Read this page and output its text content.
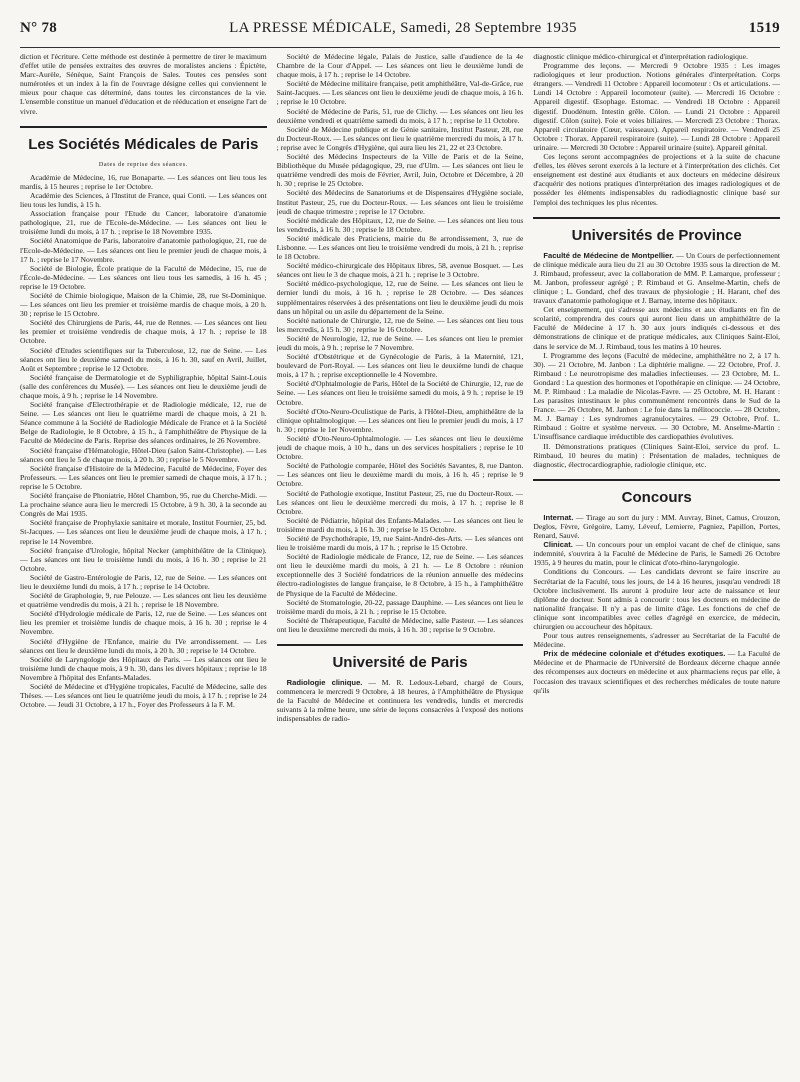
N° 78	LA PRESSE MÉDICALE, Samedi, 28 Septembre 1935	1519

diction et l'écriture. Cette méthode est destinée à permettre de tirer le maximum d'effet utile de pensées extraites des œuvres de moralistes anciens : Épictète, Marc-Aurèle, Sénèque, Saint François de Sales. Toutes ces pensées sont numérotées et un index à la fin de l'ouvrage désigne celles qui conviennent le mieux pour chaque cas déterminé, dans toutes les circonstances de la vie. L'ensemble constitue un manuel d'éducation et de rééducation et enseigne l'art de vivre.

Les Sociétés Médicales de Paris
Dates de reprise des séances.

Académie de Médecine, 16, rue Bonaparte. — Les séances ont lieu tous les mardis, à 15 heures ; reprise le 1er Octobre.

Académie des Sciences, à l'Institut de France, quai Conti. — Les séances ont lieu tous les lundis, à 15 h.

Association française pour l'Etude du Cancer, laboratoire d'anatomie pathologique, 21, rue de l'Ecole-de-Médecine. — Les séances ont lieu le troisième lundi du mois, à 17 h. ; reprise le 18 Novembre 1935.

Société Anatomique de Paris, laboratoire d'anatomie pathologique, 21, rue de l'Ecole-de-Médecine. — Les séances ont lieu le premier jeudi de chaque mois, à 17 h. ; reprise le 17 Novembre.

Société de Biologie, École pratique de la Faculté de Médecine, 15, rue de l'École-de-Médecine. — Les séances ont lieu tous les samedis, à 16 h. 45 ; reprise le 19 Octobre.

Société de Chimie biologique, Maison de la Chimie, 28, rue St-Dominique. — Les séances ont lieu les premier et troisième mardis de chaque mois, à 20 h. 30 ; reprise le 15 Octobre.

Société des Chirurgiens de Paris, 44, rue de Rennes. — Les séances ont lieu les premier et troisième vendredis de chaque mois, à 17 h. ; reprise le 18 Octobre.

Société d'Etudes scientifiques sur la Tuberculose, 12, rue de Seine. — Les séances ont lieu le deuxième samedi du mois, à 16 h. 30, sauf en Avril, Juillet, Août et Septembre ; reprise le 12 Octobre.

Société française de Dermatologie et de Syphiligraphie, hôpital Saint-Louis (salle des conférences du Musée). — Les séances ont lieu le deuxième jeudi de chaque mois, à 9 h. ; reprise le 14 Novembre.

Société française d'Electrothérapie et de Radiologie médicale, 12, rue de Seine. — Les séances ont lieu le quatrième mardi de chaque mois, à 21 h. Séance commune à la Société de Radiologie Médicale de France et à la Société Belge de Radiologie, le 8 Octobre, à 15 h., à l'amphithéâtre de Physique de la Faculté de Médecine de Paris. Reprise des séances ordinaires, le 26 Novembre.

Société française d'Hématologie, Hôtel-Dieu (salon Saint-Christophe). — Les séances ont lieu le 5 de chaque mois, à 20 h. 30 ; reprise le 5 Novembre.

Société française d'Histoire de la Médecine, Faculté de Médecine, Foyer des Professeurs. — Les séances ont lieu le premier samedi de chaque mois, à 17 h. ; reprise le 5 Octobre.

Société française de Phoniatrie, Hôtel Chambon, 95, rue du Cherche-Midi. — La prochaine séance aura lieu le mercredi 15 Octobre, à 9 h. 30, à la seconde au Congrès de Mai 1935.

Société française de Prophylaxie sanitaire et morale, Institut Fournier, 25, bd. St-Jacques. — Les séances ont lieu le deuxième jeudi de chaque mois, à 17 h. ; reprise le 14 Novembre.

Société française d'Urologie, hôpital Necker (amphithéâtre de la Clinique). — Les séances ont lieu le troisième lundi du mois, à 16 h. 30 ; reprise le 21 Octobre.

Société de Gastro-Entérologie de Paris, 12, rue de Seine. — Les séances ont lieu le deuxième lundi du mois, à 17 h. ; reprise le 14 Octobre.

Société de Graphologie, 9, rue Pelouze. — Les séances ont lieu les deuxième et quatrième vendredis du mois, à 21 h. ; reprise le 18 Novembre.

Société d'Hydrologie médicale de Paris, 12, rue de Seine. — Les séances ont lieu les premier et troisième lundis de chaque mois, à 16 h. 30 ; reprise le 4 Novembre.

Société d'Hygiène de l'Enfance, mairie du IVe arrondissement. — Les séances ont lieu le deuxième lundi du mois, à 20 h. 30 ; reprise le 14 Octobre.

Société de Laryngologie des Hôpitaux de Paris. — Les séances ont lieu le troisième lundi de chaque mois, à 9 h. 30, dans les divers hôpitaux ; reprise le 18 Novembre à l'hôpital des Enfants-Malades.

Société de Médecine et d'Hygiène tropicales, Faculté de Médecine, salle des Thèses. — Les séances ont lieu le quatrième jeudi du mois, à 17 h. ; reprise le 24 Octobre. — Jeudi 31 Octobre, à 17 h., Foyer des Professeurs à la F. M.

Société de Médecine légale, Palais de Justice, salle d'audience de la 4e Chambre de la Cour d'Appel. — Les séances ont lieu le deuxième lundi de chaque mois, à 17 h. ; reprise le 14 Octobre.

Société de Médecine militaire française, petit amphithéâtre, Val-de-Grâce, rue Saint-Jacques. — Les séances ont lieu le deuxième jeudi de chaque mois, à 16 h. ; reprise le 10 Octobre.

Société de Médecine de Paris, 51, rue de Clichy. — Les séances ont lieu les deuxième vendredi et quatrième samedi du mois, à 17 h. ; reprise le 11 Octobre.

Société de Médecine publique et de Génie sanitaire, Institut Pasteur, 28, rue du Docteur-Roux. — Les séances ont lieu le quatrième mercredi du mois, à 17 h. ; reprise avec le Congrès d'Hygiène, qui aura lieu les 21, 22 et 23 Octobre.

Société des Médecins Inspecteurs de la Ville de Paris et de la Seine, Bibliothèque du Musée pédagogique, 29, rue d'Ulm. — Les séances ont lieu le quatrième vendredi des mois de Février, Avril, Juin, Octobre et Décembre, à 20 h. 30 ; reprise le 25 Octobre.

Société des Médecins de Sanatoriums et de Dispensaires d'Hygiène sociale, Institut Pasteur, 25, rue du Docteur-Roux. — Les séances ont lieu le troisième jeudi de chaque trimestre ; reprise le 17 Octobre.

Société médicale des Hôpitaux, 12, rue de Seine. — Les séances ont lieu tous les vendredis, à 16 h. 30 ; reprise le 18 Octobre.

Société médicale des Praticiens, mairie du 8e arrondissement, 3, rue de Lisbonne. — Les séances ont lieu le troisième vendredi du mois, à 21 h. ; reprise le 18 Octobre.

Société médico-chirurgicale des Hôpitaux libres, 58, avenue Bosquet. — Les séances ont lieu le 3 de chaque mois, à 21 h. ; reprise le 3 Octobre.

Société médico-psychologique, 12, rue de Seine. — Les séances ont lieu le dernier lundi du mois, à 16 h. ; reprise le 28 Octobre. — Des séances supplémentaires réservées à des présentations ont lieu le deuxième jeudi du mois dans un hôpital ou un asile du département de la Seine.

Société nationale de Chirurgie, 12, rue de Seine. — Les séances ont lieu tous les mercredis, à 15 h. 30 ; reprise le 16 Octobre.

Société de Neurologie, 12, rue de Seine. — Les séances ont lieu le premier jeudi du mois, à 9 h. ; reprise le 7 Novembre.

Société d'Obstétrique et de Gynécologie de Paris, à la Maternité, 121, boulevard de Port-Royal. — Les séances ont lieu le deuxième lundi de chaque mois, à 17 h. ; reprise exceptionnelle le 4 Novembre.

Société d'Ophtalmologie de Paris, Hôtel de la Société de Chirurgie, 12, rue de Seine. — Les séances ont lieu le troisième samedi du mois, à 9 h. ; reprise le 19 Octobre.

Société d'Oto-Neuro-Oculistique de Paris, à l'Hôtel-Dieu, amphithéâtre de la clinique ophtalmologique. — Les séances ont lieu le premier jeudi du mois, à 17 h. 30 ; reprise le 1er Novembre.

Société d'Oto-Neuro-Ophtalmologie. — Les séances ont lieu le deuxième jeudi de chaque mois, à 10 h., dans un des services hospitaliers ; reprise le 10 Octobre.

Société de Pathologie comparée, Hôtel des Sociétés Savantes, 8, rue Danton. — Les séances ont lieu le deuxième mardi du mois, à 16 h. 45 ; reprise le 9 Octobre.

Société de Pathologie exotique, Institut Pasteur, 25, rue du Docteur-Roux. — Les séances ont lieu le deuxième mercredi du mois, à 17 h. ; reprise le 8 Octobre.

Société de Pédiatrie, hôpital des Enfants-Malades. — Les séances ont lieu le troisième mardi du mois, à 16 h. 30 ; reprise le 15 Octobre.

Société de Psychothérapie, 19, rue Saint-André-des-Arts. — Les séances ont lieu le troisième mardi du mois, à 17 h. ; reprise le 15 Octobre.

Société de Radiologie médicale de France, 12, rue de Seine. — Les séances ont lieu le deuxième mardi du mois, à 21 h. — Le 8 Octobre : réunion exceptionnelle des 3 Société fondatrices de la réunion annuelle des médecins électro-radiologistes de langue française, le 8 Octobre, à 15 h., à l'amphithéâtre de Physique de la Faculté de Médecine.

Société de Stomatologie, 20-22, passage Dauphine. — Les séances ont lieu le troisième mardi du mois, à 21 h. ; reprise le 15 Octobre.

Société de Thérapeutique, Faculté de Médecine, salle Pasteur. — Les séances ont lieu le deuxième mercredi du mois, à 16 h. 30 ; reprise le 9 Octobre.

Université de Paris

Radiologie clinique. — M. R. Ledoux-Lebard, chargé de Cours, commencera le mercredi 9 Octobre, à 18 heures, à l'Amphithéâtre de Physique de la Faculté de Médecine et continuera les vendredis, lundis et mercredis suivants à la même heure, une série de leçons consacrées à l'exposé des notions indispensables de radio-

diagnostic clinique médico-chirurgical et d'interprétation radiologique.

Programme des leçons. — Mercredi 9 Octobre 1935 : Les images radiologiques et leur production. Notions générales d'interprétation. Corps étrangers. — Vendredi 11 Octobre : Appareil locomoteur : Os et articulations. — Lundi 14 Octobre : Appareil locomoteur (suite). — Mercredi 16 Octobre : Appareil digestif. Œsophage. Estomac. — Vendredi 18 Octobre : Appareil digestif. Duodénum. Intestin grêle. Côlon. — Lundi 21 Octobre : Appareil digestif. Côlon (suite). Foie et voies biliaires. — Mercredi 23 Octobre : Thorax. Appareil circulatoire (Cœur, vaisseaux). Appareil respiratoire. — Vendredi 25 Octobre : Thorax. Appareil respiratoire (suite). — Lundi 28 Octobre : Appareil urinaire. — Mercredi 30 Octobre : Appareil urinaire (suite). Appareil génital.

Ces leçons seront accompagnées de projections et à la suite de chacune d'elles, les élèves seront exercés à la lecture et à l'interprétation des clichés. Cet enseignement est destiné aux étudiants et aux docteurs en médecine désireux d'acquérir des notions pratiques d'interprétation des images radiologiques et de posséder les éléments indispensables du radiodiagnostic clinique basé sur l'emploi des techniques les plus récentes.

Universités de Province

Faculté de Médecine de Montpellier. — Un Cours de perfectionnement de clinique médicale aura lieu du 21 au 30 Octobre 1935 sous la direction de M. J. Rimbaud, professeur, avec la collaboration de MM. P. Lamarque, professeur ; M. Janbon, professeur agrégé ; P. Rimbaud et G. Anselme-Martin, chefs de clinique ; L. Gondard, chef des travaux de physiologie ; H. Harant, chef des travaux d'anatomie pathologique et J. Barnay, interne des hôpitaux.

Cet enseignement, qui s'adresse aux médecins et aux étudiants en fin de scolarité, comprendra des cours qui auront lieu dans un amphithéâtre de la Faculté de Médecine à 17 h. 30 aux jours indiqués ci-dessous et des démonstrations de clinique et de pratique médicales, aux Cliniques Saint-Eloi, dans le service de M. J. Rimbaud, tous les matins à 10 heures.

I. Programme des leçons (Faculté de médecine, amphithéâtre no 2, à 17 h. 30). — 21 Octobre, M. Janbon : La diphtérie maligne. — 22 Octobre, Prof. J. Rimbaud : Le neurotropisme des maladies infectieuses. — 23 Octobre, M. L. Gondard : La question des hormones et l'opothérapie en clinique. — 24 Octobre, M. P. Rimbaud : La maladie de Nicolas-Favre. — 25 Octobre, M. H. Harant : Les parasites intestinaux le plus communément rencontrés dans le Sud de la France. — 26 Octobre, M. Janbon : Le foie dans la mélitococcie. — 28 Octobre, M. J. Barnay : Les syndromes agranulocytaires. — 29 Octobre, Prof. L. Rimbaud : Goitre et système nerveux. — 30 Octobre, M. Anselme-Martin : L'insuffisance cardiaque irréductible des cardiopathies évolutives.

II. Démonstrations pratiques (Cliniques Saint-Eloi, service du prof. L. Rimbaud, 10 heures du matin) : Présentation de malades, techniques de diagnostic, électrocardiographie, radiologie clinique, etc.

Concours

Internat. — Tirage au sort du jury : MM. Auvray, Binet, Camus, Crouzon, Deglos, Fèvre, Grégoire, Lamy, Léveuf, Lemierre, Pagniez, Papillon, Portes, Renard, Sauvé.

Clinicat. — Un concours pour un emploi vacant de chef de clinique, sans indemnité, s'ouvrira à la Faculté de Médecine de Paris, le Samedi 26 Octobre 1935, à 9 heures du matin, pour le clinicat d'oto-rhino-laryngologie.

Conditions du Concours. — Les candidats devront se faire inscrire au Secrétariat de la Faculté, tous les jours, de 14 à 16 heures, jusqu'au vendredi 18 Octobre inclusivement. Ils auront à produire leur acte de naissance et leur diplôme de docteur. Sont admis à concourir : tous les docteurs en médecine de nationalité française. Il n'y a pas de limite d'âge. Les fonctions de chef de clinique sont incompatibles avec celles d'agrégé en exercice, de médecin, chirurgien ou accoucheur des hôpitaux.

Pour tous autres renseignements, s'adresser au Secrétariat de la Faculté de Médecine.

Prix de médecine coloniale et d'études exotiques. — La Faculté de Médecine et de Pharmacie de l'Université de Bordeaux décerne chaque année des récompenses aux docteurs en médecine et aux pharmaciens reçus par elle, à l'occasion des travaux scientifiques et des recherches médicales de toute nature qu'ils
